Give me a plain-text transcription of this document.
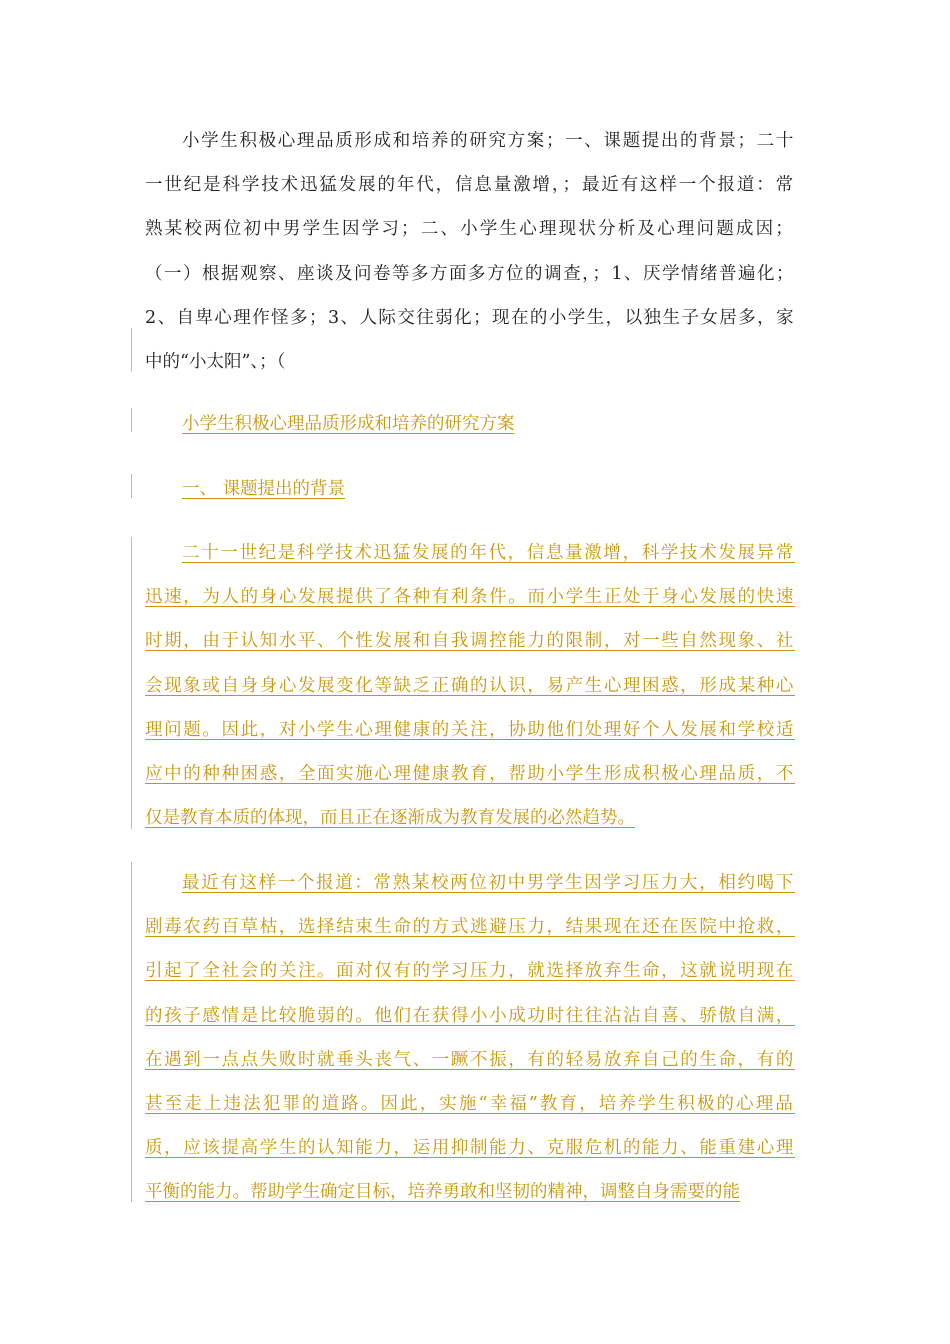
小学生积极心理品质形成和培养的研究方案；一、课题提出的背景；二十
一世纪是科学技术迅猛发展的年代，信息量激增，；最近有这样一个报道：常
熟某校两位初中男学生因学习；二、小学生心理现状分析及心理问题成因；
（一）根据观察、座谈及问卷等多方面多方位的调查，；1、厌学情绪普遍化；
2、自卑心理作怪多；3、人际交往弱化；现在的小学生，以独生子女居多，家
中的“小太阳”、；（
小学生积极心理品质形成和培养的研究方案
一、 课题提出的背景
二十一世纪是科学技术迅猛发展的年代，信息量激增，科学技术发展异常
迅速，为人的身心发展提供了各种有利条件。而小学生正处于身心发展的快速
时期，由于认知水平、个性发展和自我调控能力的限制，对一些自然现象、社
会现象或自身身心发展变化等缺乏正确的认识，易产生心理困惑，形成某种心
理问题。因此，对小学生心理健康的关注，协助他们处理好个人发展和学校适
应中的种种困惑，全面实施心理健康教育，帮助小学生形成积极心理品质，不
仅是教育本质的体现，而且正在逐渐成为教育发展的必然趋势。
最近有这样一个报道：常熟某校两位初中男学生因学习压力大，相约喝下
剧毒农药百草枯，选择结束生命的方式逃避压力，结果现在还在医院中抢救，
引起了全社会的关注。面对仅有的学习压力，就选择放弃生命，这就说明现在
的孩子感情是比较脆弱的。他们在获得小小成功时往往沾沾自喜、骄傲自满，
在遇到一点点失败时就垂头丧气、一蹶不振，有的轻易放弃自己的生命，有的
甚至走上违法犯罪的道路。因此，实施“幸福”教育，培养学生积极的心理品
质，应该提高学生的认知能力，运用抑制能力、克服危机的能力、能重建心理
平衡的能力。帮助学生确定目标，培养勇敢和坚韧的精神，调整自身需要的能
